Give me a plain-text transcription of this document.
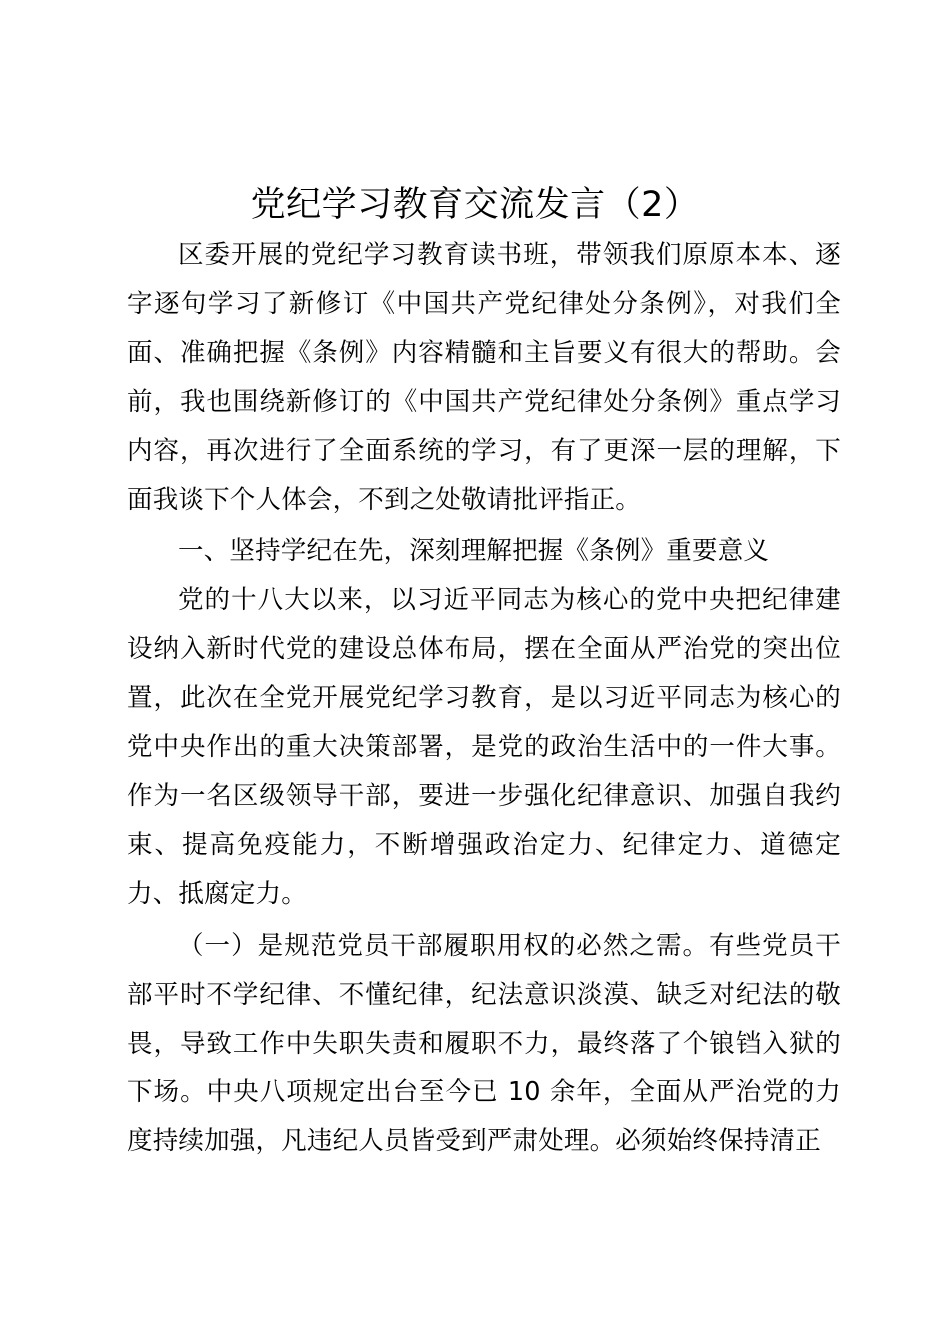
党纪学习教育交流发言（2）

区委开展的党纪学习教育读书班，带领我们原原本本、逐字逐句学习了新修订《中国共产党纪律处分条例》，对我们全面、准确把握《条例》内容精髓和主旨要义有很大的帮助。会前，我也围绕新修订的《中国共产党纪律处分条例》重点学习内容，再次进行了全面系统的学习，有了更深一层的理解，下面我谈下个人体会，不到之处敬请批评指正。

一、坚持学纪在先，深刻理解把握《条例》重要意义

党的十八大以来，以习近平同志为核心的党中央把纪律建设纳入新时代党的建设总体布局，摆在全面从严治党的突出位置，此次在全党开展党纪学习教育，是以习近平同志为核心的党中央作出的重大决策部署，是党的政治生活中的一件大事。作为一名区级领导干部，要进一步强化纪律意识、加强自我约束、提高免疫能力，不断增强政治定力、纪律定力、道德定力、抵腐定力。

（一）是规范党员干部履职用权的必然之需。有些党员干部平时不学纪律、不懂纪律，纪法意识淡漠、缺乏对纪法的敬畏，导致工作中失职失责和履职不力，最终落了个锒铛入狱的下场。中央八项规定出台至今已 10 余年，全面从严治党的力度持续加强，凡违纪人员皆受到严肃处理。必须始终保持清正
